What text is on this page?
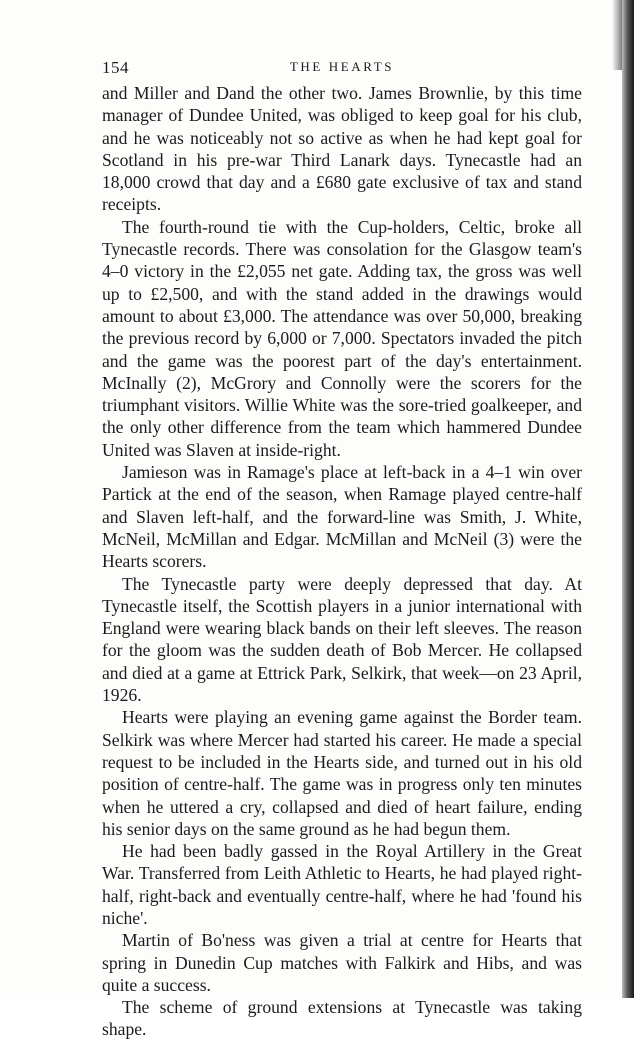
154	THE HEARTS

and Miller and Dand the other two. James Brownlie, by this time manager of Dundee United, was obliged to keep goal for his club, and he was noticeably not so active as when he had kept goal for Scotland in his pre-war Third Lanark days. Tynecastle had an 18,000 crowd that day and a £680 gate exclusive of tax and stand receipts.

The fourth-round tie with the Cup-holders, Celtic, broke all Tynecastle records. There was consolation for the Glasgow team's 4–0 victory in the £2,055 net gate. Adding tax, the gross was well up to £2,500, and with the stand added in the drawings would amount to about £3,000. The attendance was over 50,000, breaking the previous record by 6,000 or 7,000. Spectators invaded the pitch and the game was the poorest part of the day's entertainment. McInally (2), McGrory and Connolly were the scorers for the triumphant visitors. Willie White was the sore-tried goalkeeper, and the only other difference from the team which hammered Dundee United was Slaven at inside-right.

Jamieson was in Ramage's place at left-back in a 4–1 win over Partick at the end of the season, when Ramage played centre-half and Slaven left-half, and the forward-line was Smith, J. White, McNeil, McMillan and Edgar. McMillan and McNeil (3) were the Hearts scorers.

The Tynecastle party were deeply depressed that day. At Tynecastle itself, the Scottish players in a junior international with England were wearing black bands on their left sleeves. The reason for the gloom was the sudden death of Bob Mercer. He collapsed and died at a game at Ettrick Park, Selkirk, that week—on 23 April, 1926.

Hearts were playing an evening game against the Border team. Selkirk was where Mercer had started his career. He made a special request to be included in the Hearts side, and turned out in his old position of centre-half. The game was in progress only ten minutes when he uttered a cry, collapsed and died of heart failure, ending his senior days on the same ground as he had begun them.

He had been badly gassed in the Royal Artillery in the Great War. Transferred from Leith Athletic to Hearts, he had played right-half, right-back and eventually centre-half, where he had 'found his niche'.

Martin of Bo'ness was given a trial at centre for Hearts that spring in Dunedin Cup matches with Falkirk and Hibs, and was quite a success.

The scheme of ground extensions at Tynecastle was taking shape.
